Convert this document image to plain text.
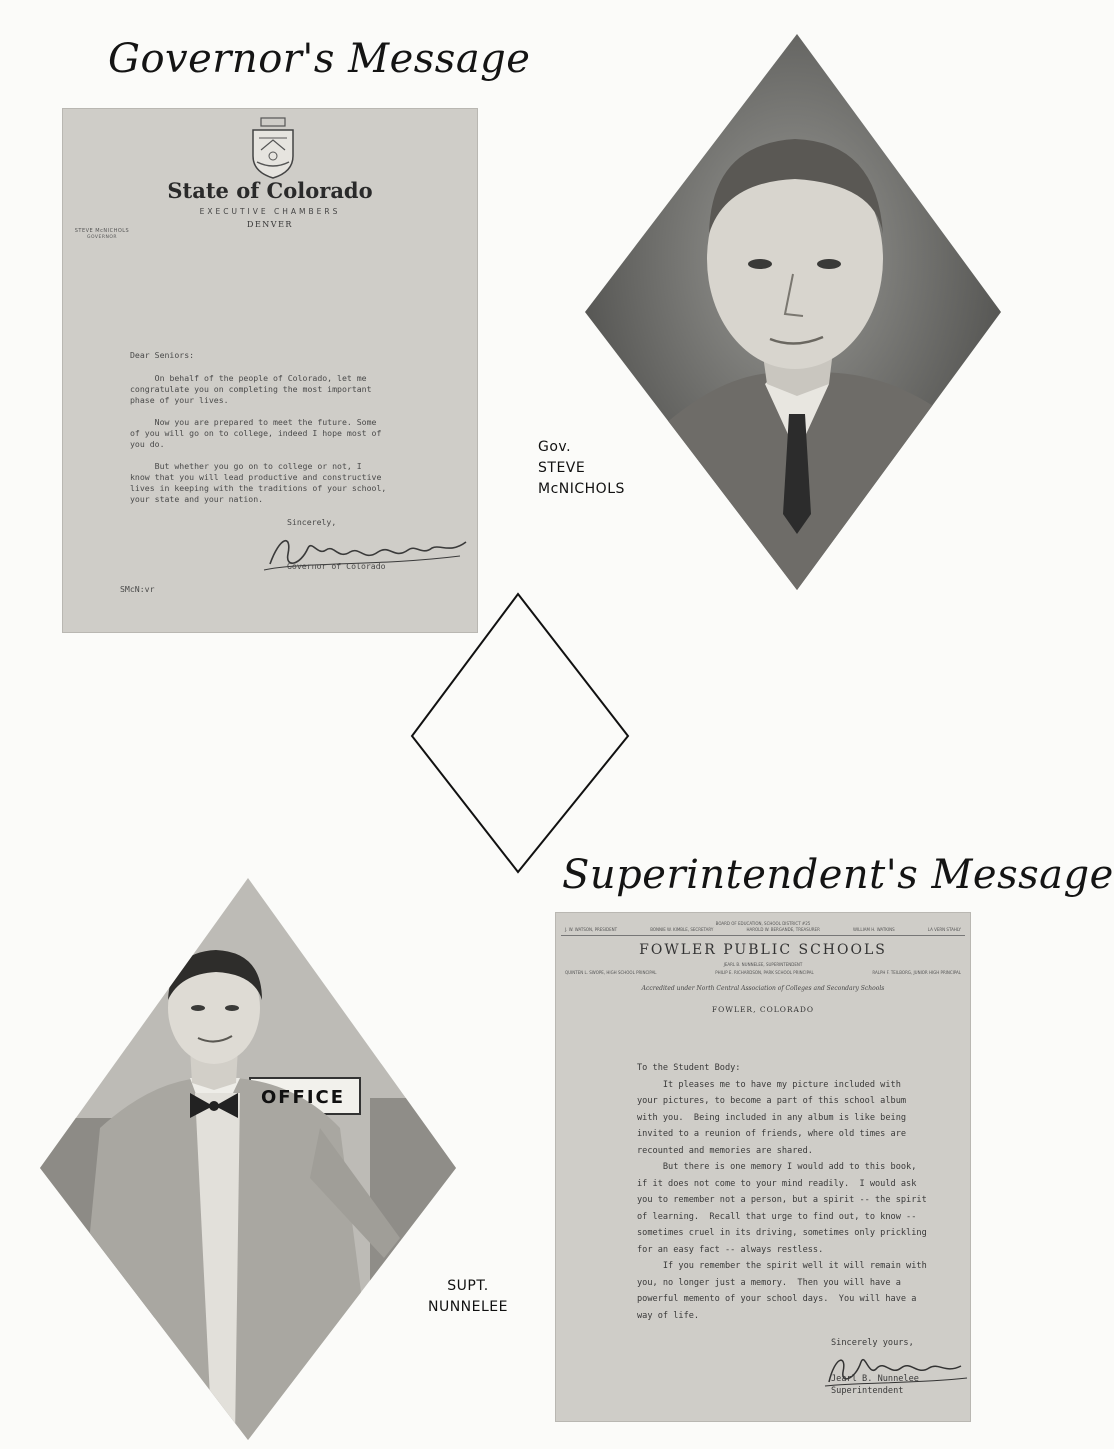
Governor's Message
State of Colorado
EXECUTIVE CHAMBERS
DENVER
STEVE McNICHOLS
GOVERNOR

Dear Seniors:

On behalf of the people of Colorado, let me
congratulate you on completing the most important
phase of your lives.

Now you are prepared to meet the future. Some
of you will go on to college, indeed I hope most of
you do.

But whether you go on to college or not, I
know that you will lead productive and constructive
lives in keeping with the traditions of your school,
your state and your nation.

Sincerely,
Governor of Colorado
SMcN:vr
Gov.
STEVE
McNICHOLS
Superintendent's Message
OFFICE
SUPT.
NUNNELEE
BOARD OF EDUCATION, SCHOOL DISTRICT #25
J. W. WATSON, PRESIDENT	BONNIE W. KIMBLE, SECRETARY	HAROLD W. BERGANDE, TREASURER	WILLIAM H. WATKINS	LA VERN STAHLY
FOWLER PUBLIC SCHOOLS
JEARL B. NUNNELEE, SUPERINTENDENT
QUINTEN L. SWOPE, HIGH SCHOOL PRINCIPAL	PHILIP E. RICHARDSON, PARK SCHOOL PRINCIPAL	RALPH F. TEILBORG, JUNIOR HIGH PRINCIPAL
Accredited under North Central Association of Colleges and Secondary Schools
FOWLER, COLORADO

To the Student Body:

It pleases me to have my picture included with
your pictures, to become a part of this school album
with you.  Being included in any album is like being
invited to a reunion of friends, where old times are
recounted and memories are shared.

But there is one memory I would add to this book,
if it does not come to your mind readily.  I would ask
you to remember not a person, but a spirit -- the spirit
of learning.  Recall that urge to find out, to know --
sometimes cruel in its driving, sometimes only prickling
for an easy fact -- always restless.

If you remember the spirit well it will remain with
you, no longer just a memory.  Then you will have a
powerful memento of your school days.  You will have a
way of life.

Sincerely yours,
Jearl B. Nunnelee
Superintendent
